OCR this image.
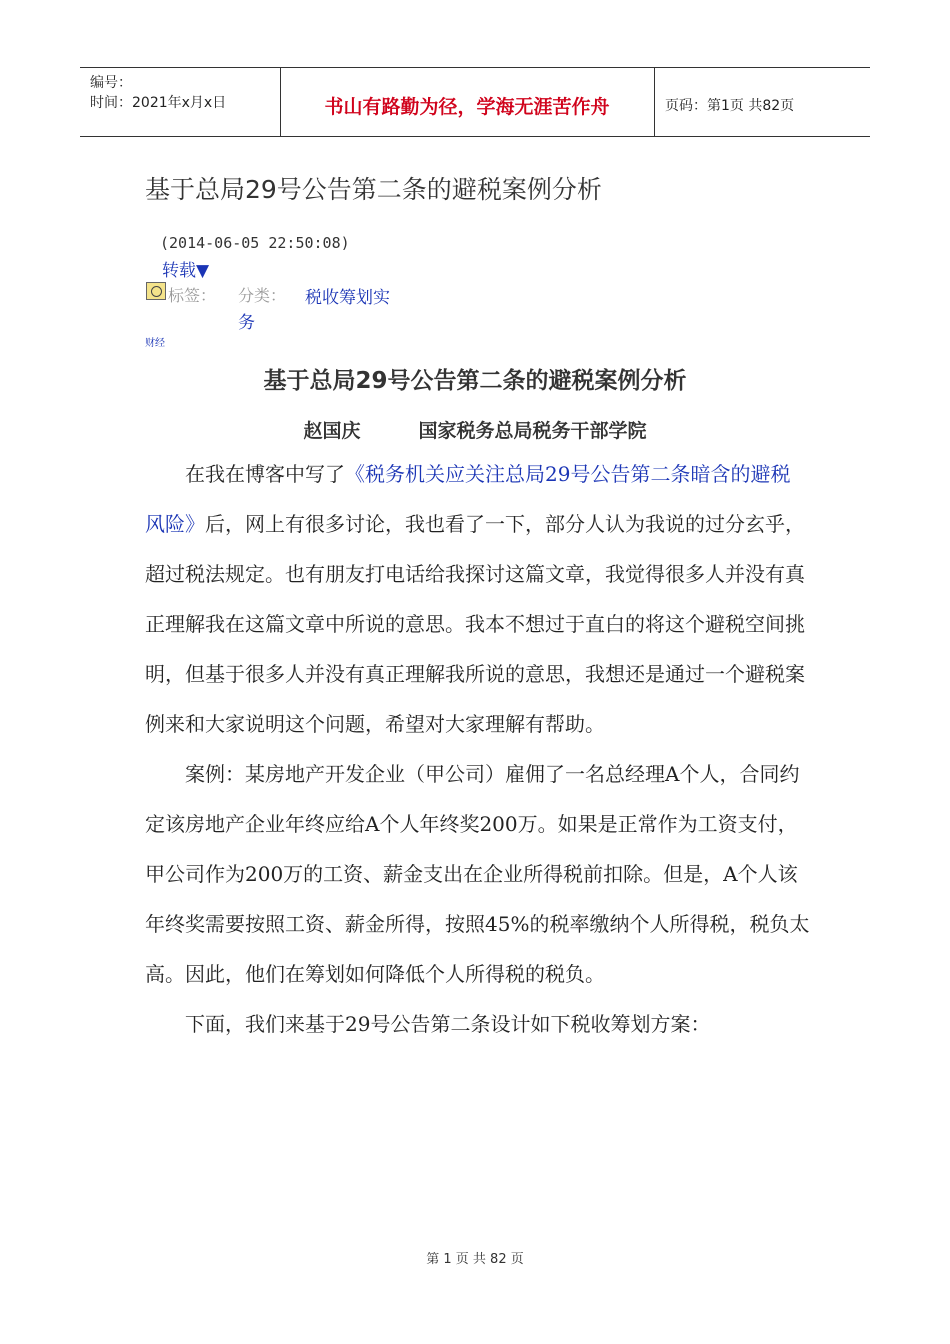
编号：
时间：2021年x月x日	书山有路勤为径，学海无涯苦作舟	页码：第1页 共82页
基于总局29号公告第二条的避税案例分析
(2014-06-05 22:50:08)
转载▼
标签： 分类： 税收筹划实
务
财经
基于总局29号公告第二条的避税案例分析
赵国庆	国家税务总局税务干部学院

在我在博客中写了《税务机关应关注总局29号公告第二条暗含的避税风险》后，网上有很多讨论，我也看了一下，部分人认为我说的过分玄乎，超过税法规定。也有朋友打电话给我探讨这篇文章，我觉得很多人并没有真正理解我在这篇文章中所说的意思。我本不想过于直白的将这个避税空间挑明，但基于很多人并没有真正理解我所说的意思，我想还是通过一个避税案例来和大家说明这个问题，希望对大家理解有帮助。

案例：某房地产开发企业（甲公司）雇佣了一名总经理A个人，合同约定该房地产企业年终应给A个人年终奖200万。如果是正常作为工资支付，甲公司作为200万的工资、薪金支出在企业所得税前扣除。但是，A个人该年终奖需要按照工资、薪金所得，按照45%的税率缴纳个人所得税，税负太高。因此，他们在筹划如何降低个人所得税的税负。

下面，我们来基于29号公告第二条设计如下税收筹划方案：

第 1 页 共 82 页
